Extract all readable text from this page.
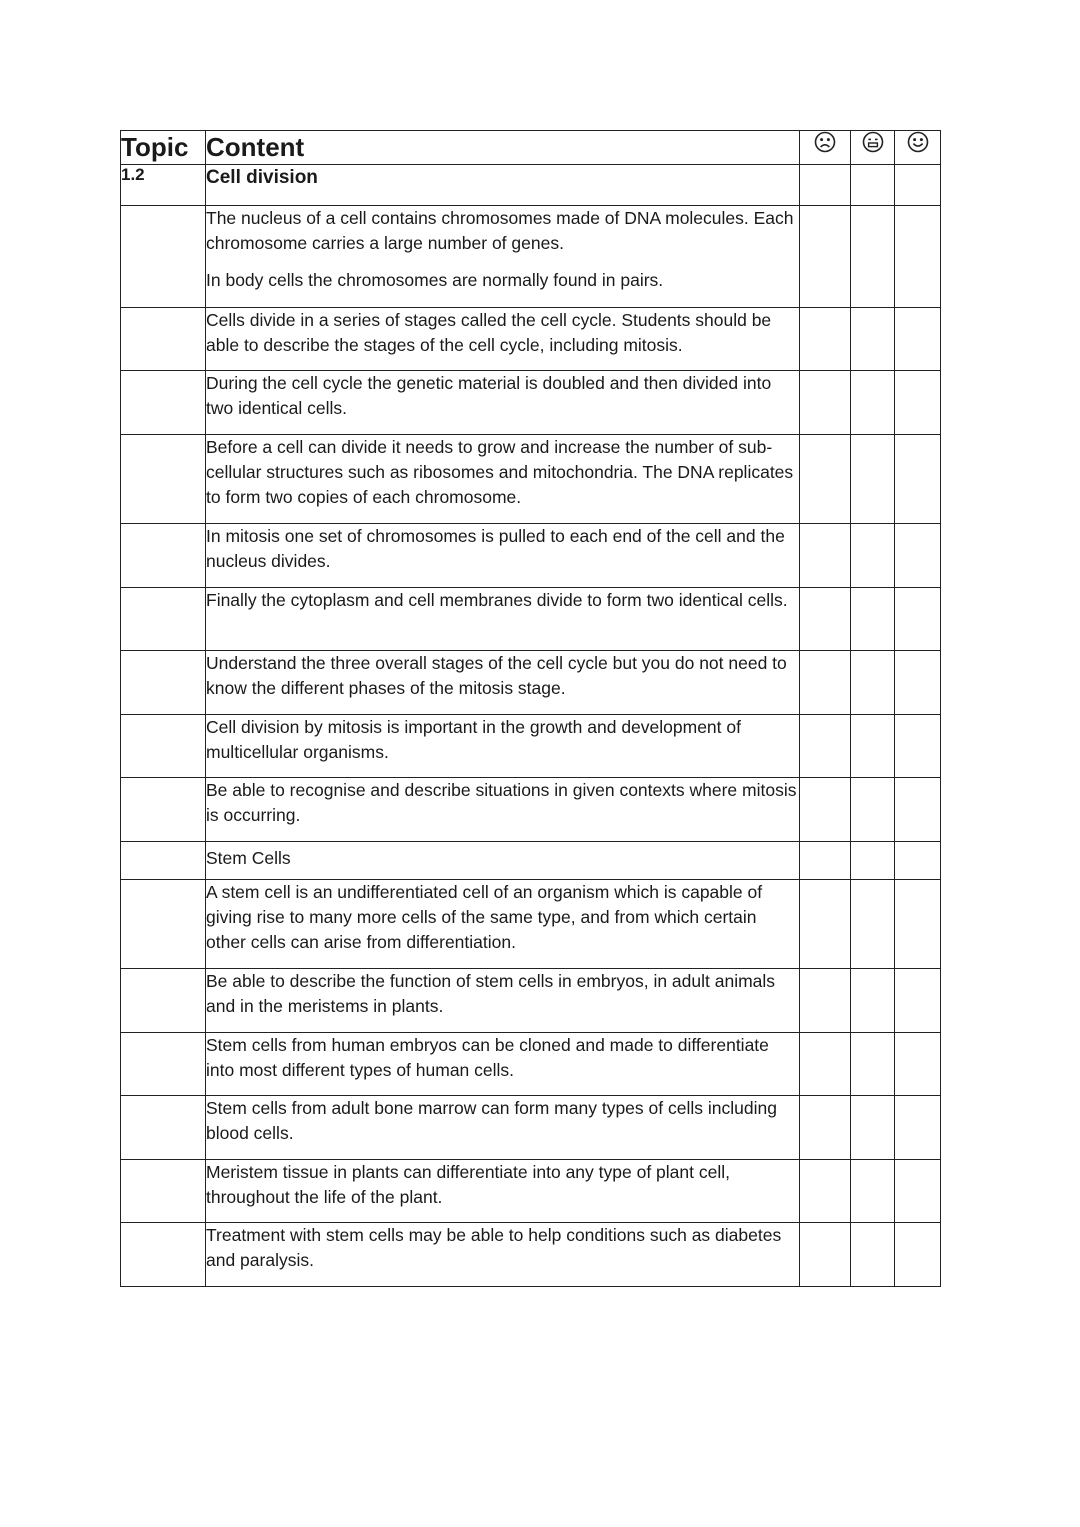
Topic	Content	

1.2	Cell division			

	The nucleus of a cell contains chromosomes made of DNA molecules. Each chromosome carries a large number of genes.

In body cells the chromosomes are normally found in pairs.			

	Cells divide in a series of stages called the cell cycle. Students should be able to describe the stages of the cell cycle, including mitosis.			

	During the cell cycle the genetic material is doubled and then divided into two identical cells.			

	Before a cell can divide it needs to grow and increase the number of sub-cellular structures such as ribosomes and mitochondria. The DNA replicates to form two copies of each chromosome.			

	In mitosis one set of chromosomes is pulled to each end of the cell and the nucleus divides.			

	Finally the cytoplasm and cell membranes divide to form two identical cells.			

	Understand the three overall stages of the cell cycle but you do not need to know the different phases of the mitosis stage.			

	Cell division by mitosis is important in the growth and development of multicellular organisms.			

	Be able to recognise and describe situations in given contexts where mitosis is occurring.			

	Stem Cells			

	A stem cell is an undifferentiated cell of an organism which is capable of giving rise to many more cells of the same type, and from which certain other cells can arise from differentiation.			

	Be able to describe the function of stem cells in embryos, in adult animals and in the meristems in plants.			

	Stem cells from human embryos can be cloned and made to differentiate into most different types of human cells.			

	Stem cells from adult bone marrow can form many types of cells including blood cells.			

	Meristem tissue in plants can differentiate into any type of plant cell, throughout the life of the plant.			

	Treatment with stem cells may be able to help conditions such as diabetes and paralysis.			
